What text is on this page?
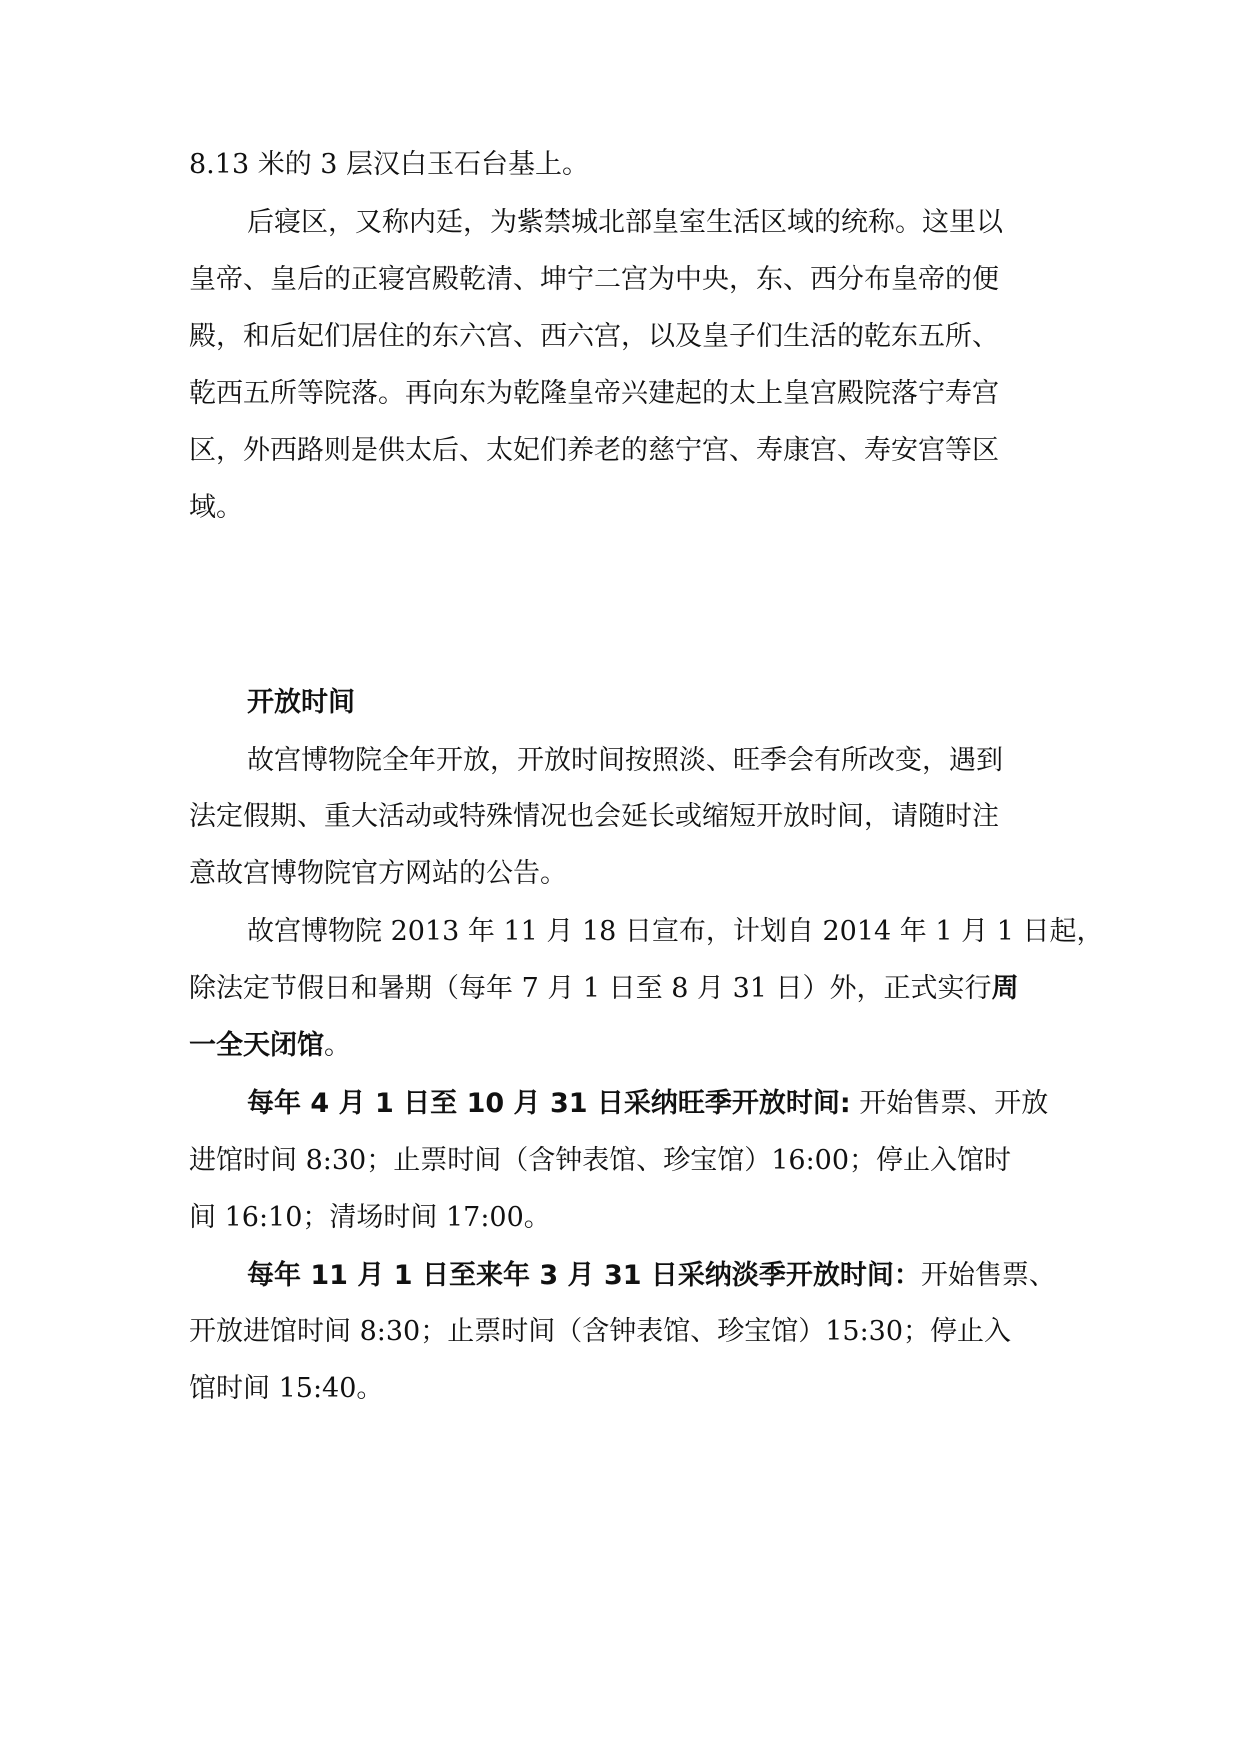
8.13 米的 3 层汉白玉石台基上。
后寝区，又称内廷，为紫禁城北部皇室生活区域的统称。这里以
皇帝、皇后的正寝宫殿乾清、坤宁二宫为中央，东、西分布皇帝的便
殿，和后妃们居住的东六宫、西六宫，以及皇子们生活的乾东五所、
乾西五所等院落。再向东为乾隆皇帝兴建起的太上皇宫殿院落宁寿宫
区，外西路则是供太后、太妃们养老的慈宁宫、寿康宫、寿安宫等区
域。
开放时间
故宫博物院全年开放，开放时间按照淡、旺季会有所改变，遇到
法定假期、重大活动或特殊情况也会延长或缩短开放时间，请随时注
意故宫博物院官方网站的公告。
故宫博物院 2013 年 11 月 18 日宣布，计划自 2014 年 1 月 1 日起，
除法定节假日和暑期（每年 7 月 1 日至 8 月 31 日）外，正式实行周
一全天闭馆。
每年 4 月 1 日至 10 月 31 日采纳旺季开放时间: 开始售票、开放
进馆时间 8:30；止票时间（含钟表馆、珍宝馆）16:00；停止入馆时
间 16:10；清场时间 17:00。
每年 11 月 1 日至来年 3 月 31 日采纳淡季开放时间：开始售票、
开放进馆时间 8:30；止票时间（含钟表馆、珍宝馆）15:30；停止入
馆时间 15:40。
